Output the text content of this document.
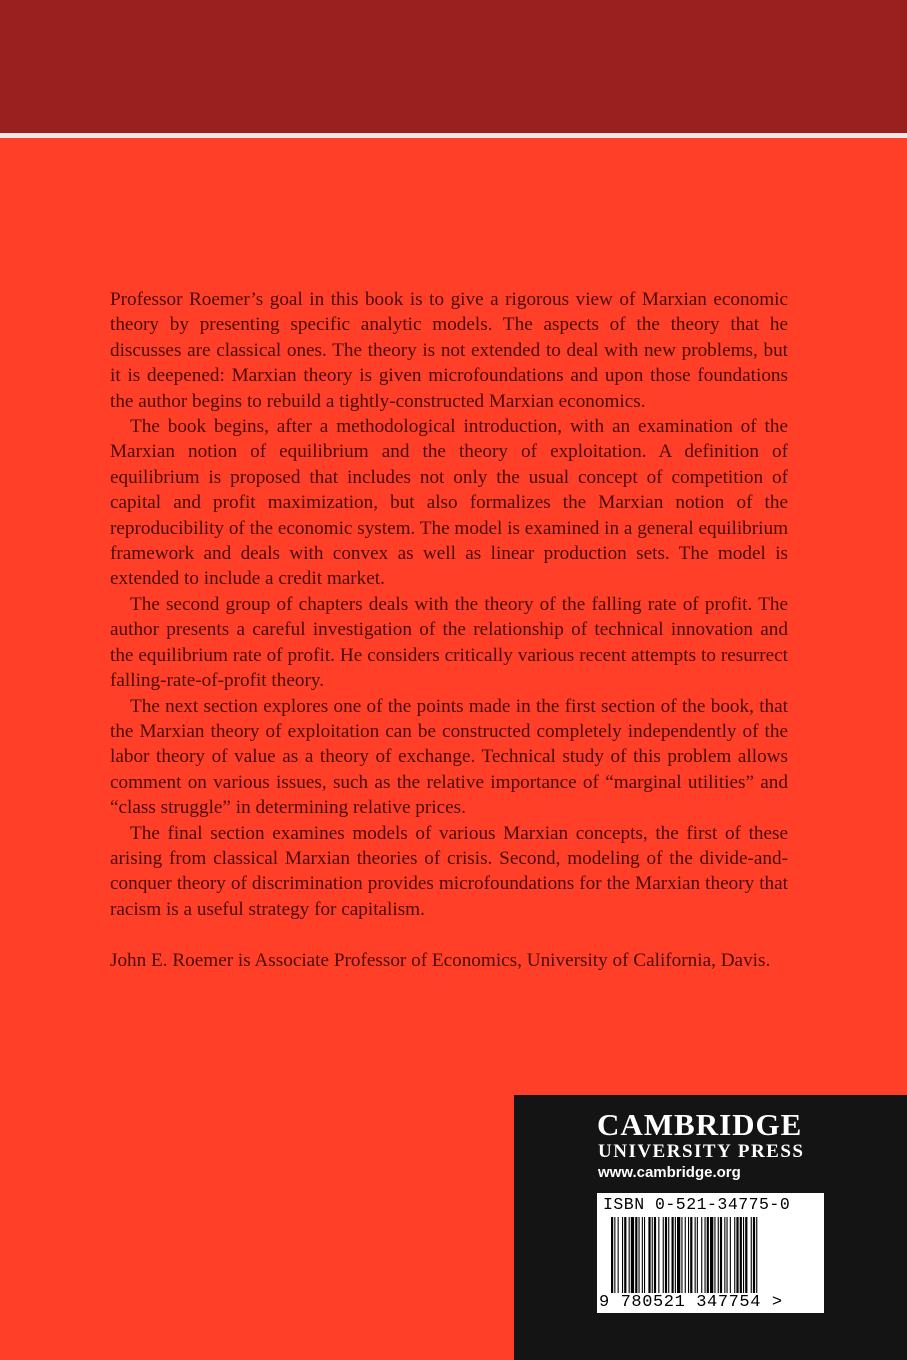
Professor Roemer’s goal in this book is to give a rigorous view of Marxian economic theory by presenting specific analytic models. The aspects of the theory that he discusses are classical ones. The theory is not extended to deal with new problems, but it is deepened: Marxian theory is given microfoundations and upon those foundations the author begins to rebuild a tightly-constructed Marxian economics.

The book begins, after a methodological introduction, with an examination of the Marxian notion of equilibrium and the theory of exploitation. A definition of equilibrium is proposed that includes not only the usual concept of competition of capital and profit maximization, but also formalizes the Marxian notion of the reproducibility of the economic system. The model is examined in a general equilibrium framework and deals with convex as well as linear production sets. The model is extended to include a credit market.

The second group of chapters deals with the theory of the falling rate of profit. The author presents a careful investigation of the relationship of technical innovation and the equilibrium rate of profit. He considers critically various recent attempts to resurrect falling-rate-of-profit theory.

The next section explores one of the points made in the first section of the book, that the Marxian theory of exploitation can be constructed completely independently of the labor theory of value as a theory of exchange. Technical study of this problem allows comment on various issues, such as the relative importance of “marginal utilities” and “class struggle” in determining relative prices.

The final section examines models of various Marxian concepts, the first of these arising from classical Marxian theories of crisis. Second, modeling of the divide-and-conquer theory of discrimination provides microfoundations for the Marxian theory that racism is a useful strategy for capitalism.

John E. Roemer is Associate Professor of Economics, University of California, Davis.

CAMBRIDGE
UNIVERSITY PRESS
www.cambridge.org
ISBN 0-521-34775-0
9 780521 347754 >
